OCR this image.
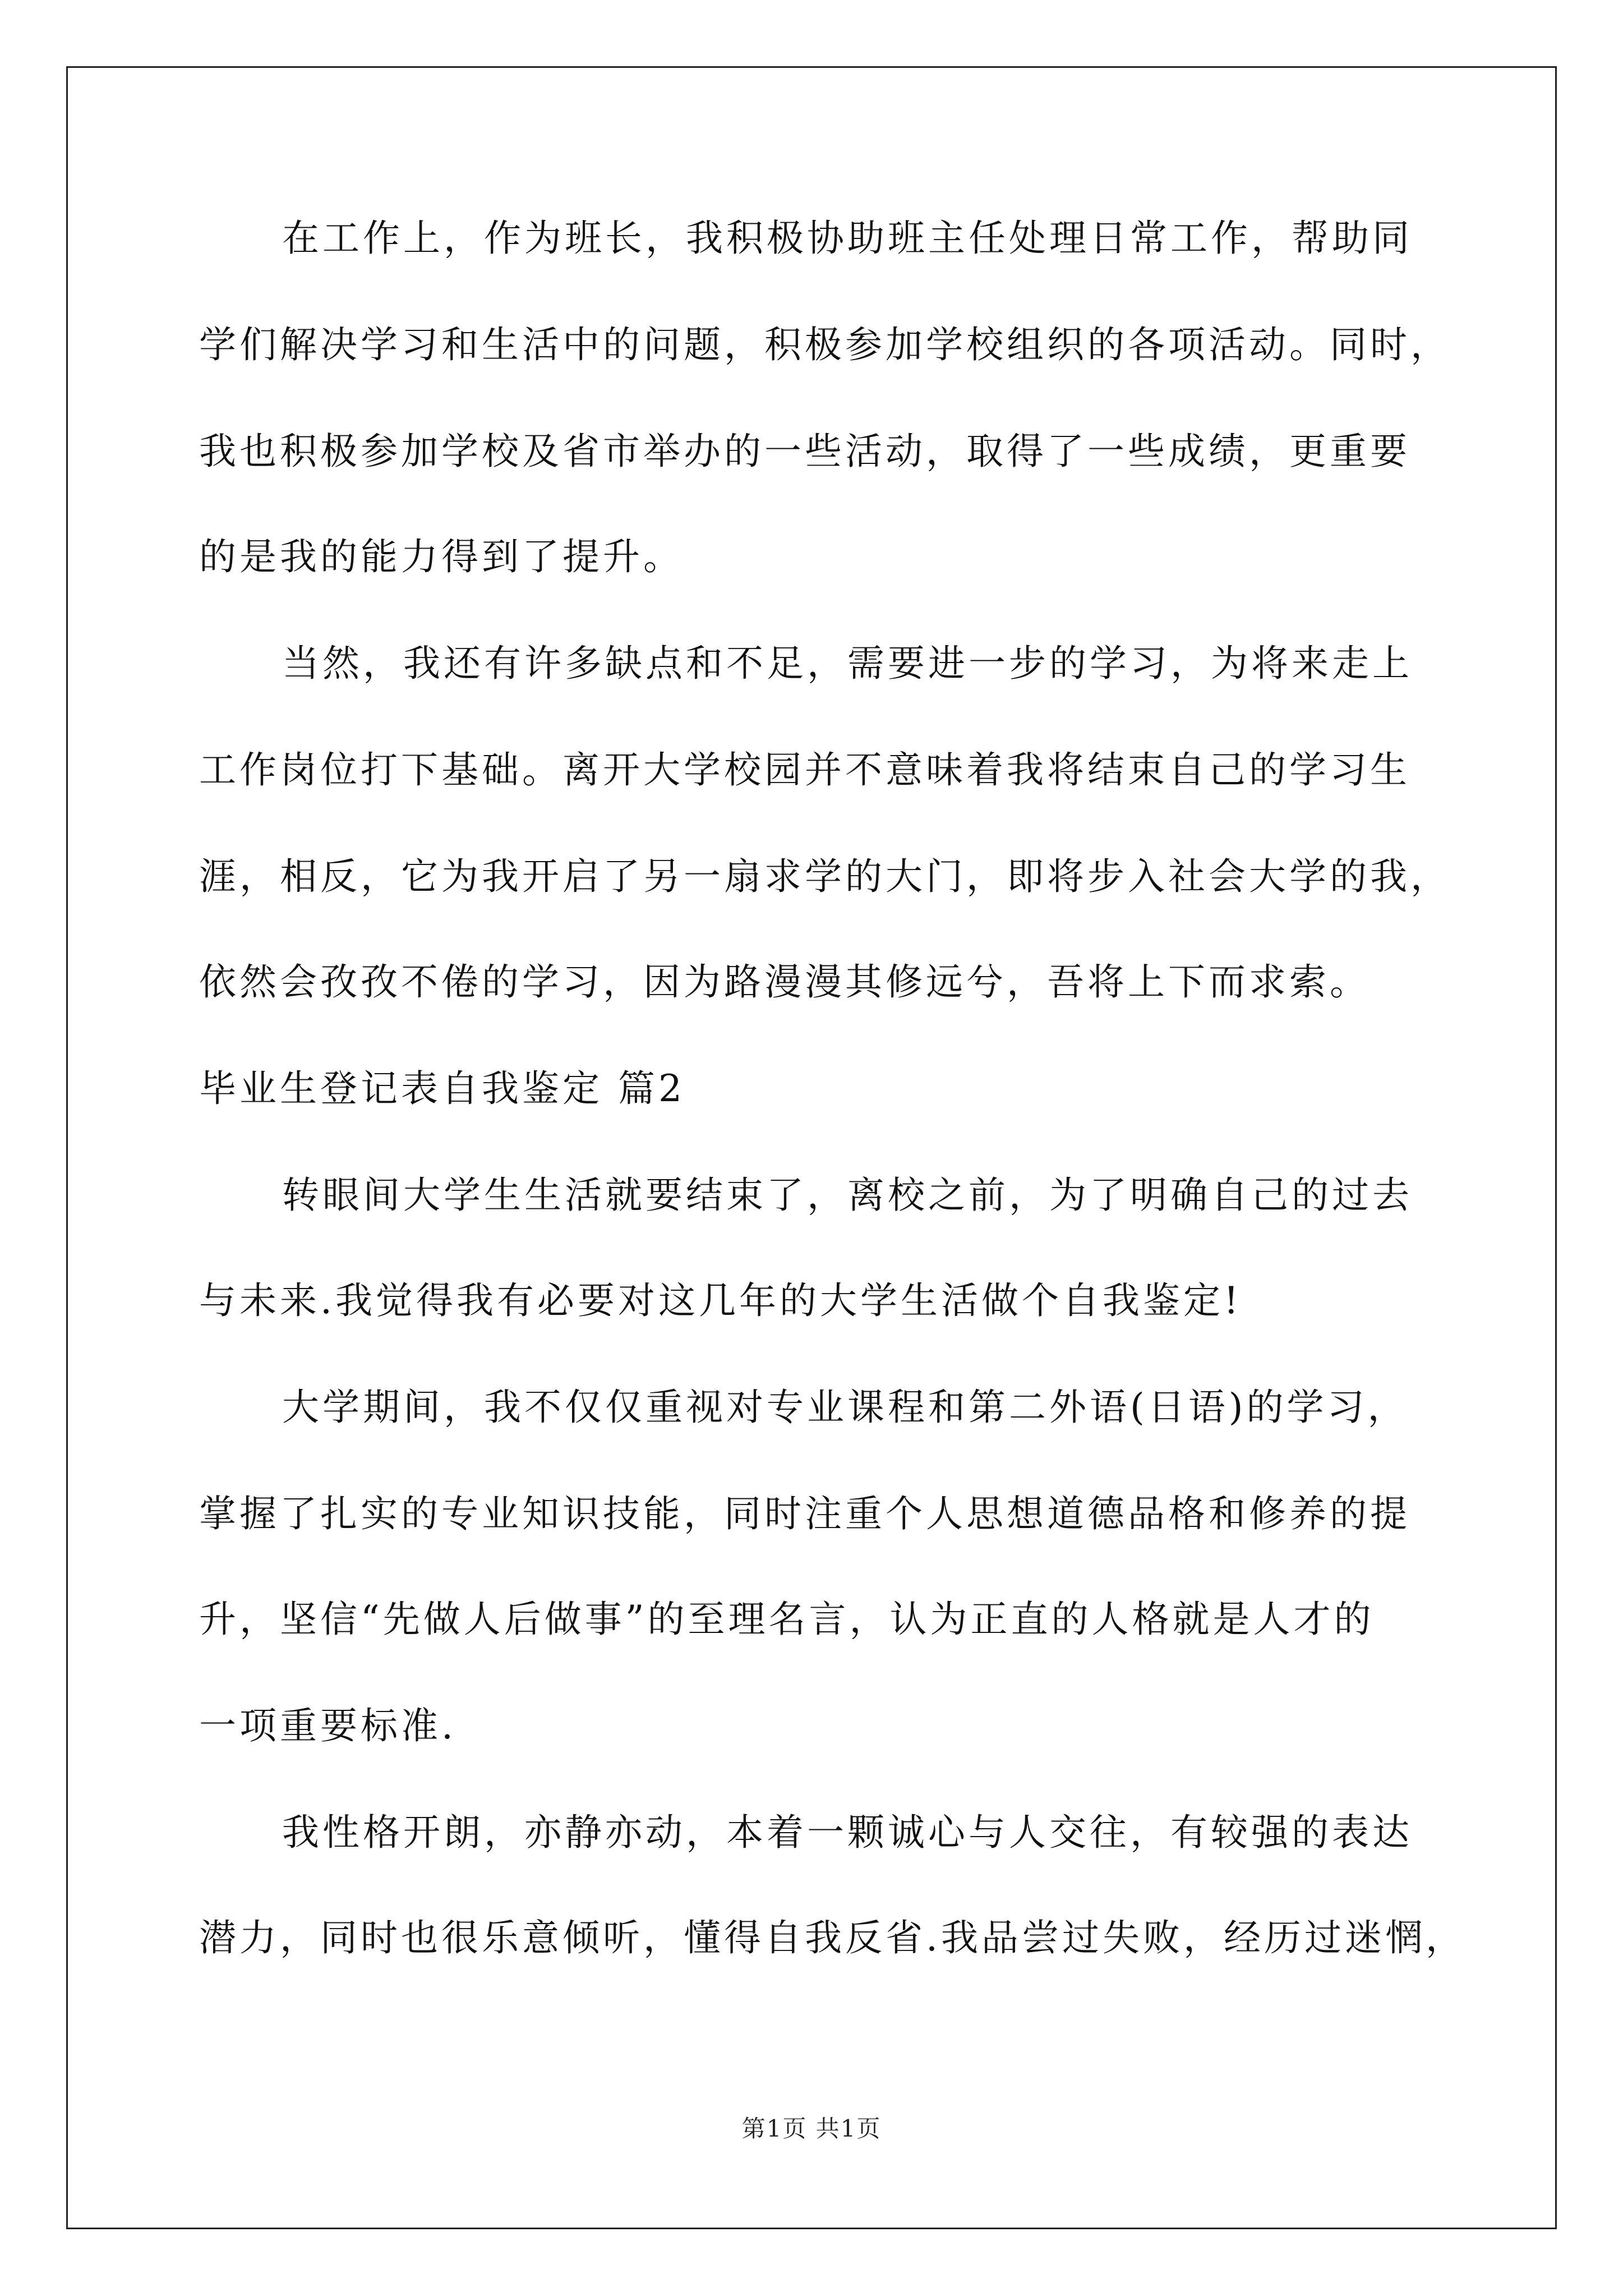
在工作上，作为班长，我积极协助班主任处理日常工作，帮助同
学们解决学习和生活中的问题，积极参加学校组织的各项活动。同时，
我也积极参加学校及省市举办的一些活动，取得了一些成绩，更重要
的是我的能力得到了提升。
当然，我还有许多缺点和不足，需要进一步的学习，为将来走上
工作岗位打下基础。离开大学校园并不意味着我将结束自己的学习生
涯，相反，它为我开启了另一扇求学的大门，即将步入社会大学的我，
依然会孜孜不倦的学习，因为路漫漫其修远兮，吾将上下而求索。
毕业生登记表自我鉴定 篇2
转眼间大学生生活就要结束了，离校之前，为了明确自己的过去
与未来.我觉得我有必要对这几年的大学生活做个自我鉴定!
大学期间，我不仅仅重视对专业课程和第二外语(日语)的学习，
掌握了扎实的专业知识技能，同时注重个人思想道德品格和修养的提
升，坚信“先做人后做事”的至理名言，认为正直的人格就是人才的
一项重要标准.
我性格开朗，亦静亦动，本着一颗诚心与人交往，有较强的表达
潜力，同时也很乐意倾听，懂得自我反省.我品尝过失败，经历过迷惘，
第1页 共1页
